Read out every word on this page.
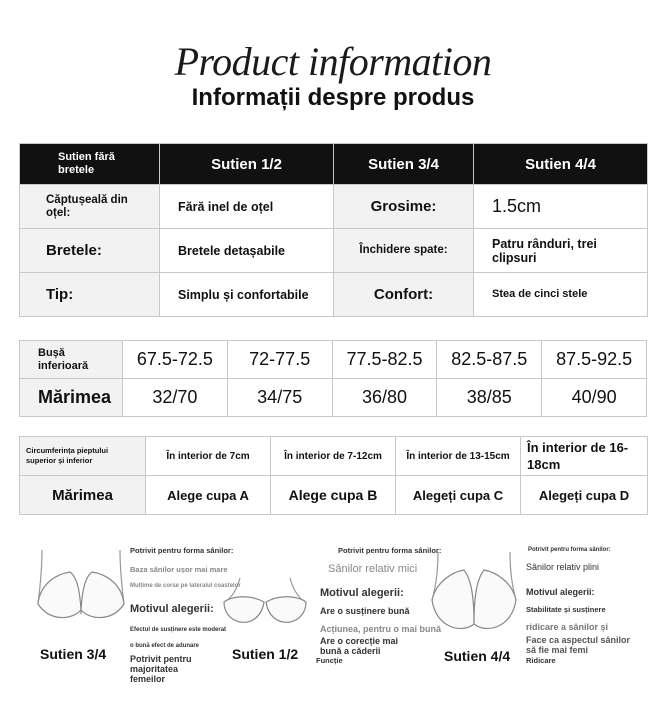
Product information
Informații despre produs
Sutien fără bretele	Sutien 1/2	Sutien 3/4	Sutien 4/4
Căptușeală din oțel:	Fără inel de oțel	Grosime:	1.5cm
Bretele:	Bretele detașabile	Închidere spate:	Patru rânduri, trei clipsuri
Tip:	Simplu și confortabile	Confort:	Stea de cinci stele
Bușă inferioară	67.5-72.5	72-77.5	77.5-82.5	82.5-87.5	87.5-92.5
Mărimea	32/70	34/75	36/80	38/85	40/90
Circumferința pieptului superior și inferior	În interior de 7cm	În interior de 7-12cm	În interior de 13-15cm	În interior de 16-18cm
Mărimea	Alege cupa A	Alege cupa B	Alegeți cupa C	Alegeți cupa D
Sutien 3/4	Sutien 1/2	Sutien 4/4
Potrivit pentru forma sânilor:
Baza sânilor ușor mai mare
Mulțime de corse pe lateralul coastelor
Motivul alegerii:
Efectul de susținere este moderat
o bună efect de adunare
Potrivit pentru majoritatea femeilor
Potrivit pentru forma sânilor:
Sânilor relativ mici
Motivul alegerii:
Are o susținere bună
Acțiunea, pentru o mai bună
Are o corecție mai bună a căderii
Funcție
Potrivit pentru forma sânilor:
Sânilor relativ plini
Motivul alegerii:
Stabilitate și susținere
ridicare a sânilor și
Face ca aspectul sânilor să fie mai femi
Ridicare
